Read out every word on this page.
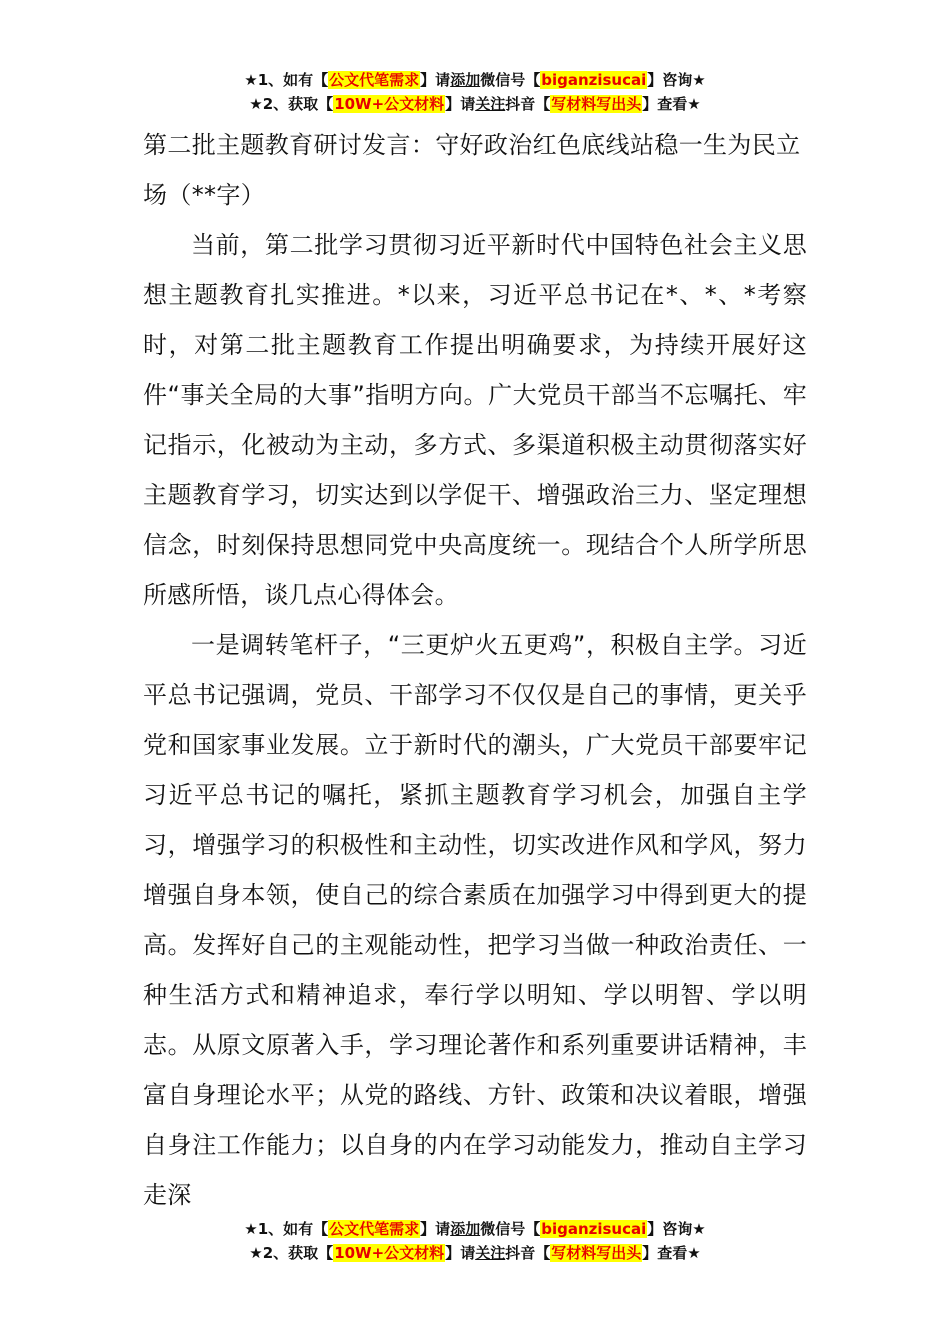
★1、如有【公文代笔需求】请添加微信号【biganzisucai】咨询★
★2、获取【10W+公文材料】请关注抖音【写材料写出头】查看★

第二批主题教育研讨发言：守好政治红色底线站稳一生为民立场（**字）

当前，第二批学习贯彻习近平新时代中国特色社会主义思想主题教育扎实推进。*以来，习近平总书记在*、*、*考察时，对第二批主题教育工作提出明确要求，为持续开展好这件“事关全局的大事”指明方向。广大党员干部当不忘嘱托、牢记指示，化被动为主动，多方式、多渠道积极主动贯彻落实好主题教育学习，切实达到以学促干、增强政治三力、坚定理想信念，时刻保持思想同党中央高度统一。现结合个人所学所思所感所悟，谈几点心得体会。

一是调转笔杆子，“三更炉火五更鸡”，积极自主学。习近平总书记强调，党员、干部学习不仅仅是自己的事情，更关乎党和国家事业发展。立于新时代的潮头，广大党员干部要牢记习近平总书记的嘱托，紧抓主题教育学习机会，加强自主学习，增强学习的积极性和主动性，切实改进作风和学风，努力增强自身本领，使自己的综合素质在加强学习中得到更大的提高。发挥好自己的主观能动性，把学习当做一种政治责任、一种生活方式和精神追求，奉行学以明知、学以明智、学以明志。从原文原著入手，学习理论著作和系列重要讲话精神，丰富自身理论水平；从党的路线、方针、政策和决议着眼，增强自身注工作能力；以自身的内在学习动能发力，推动自主学习走深

★1、如有【公文代笔需求】请添加微信号【biganzisucai】咨询★
★2、获取【10W+公文材料】请关注抖音【写材料写出头】查看★
